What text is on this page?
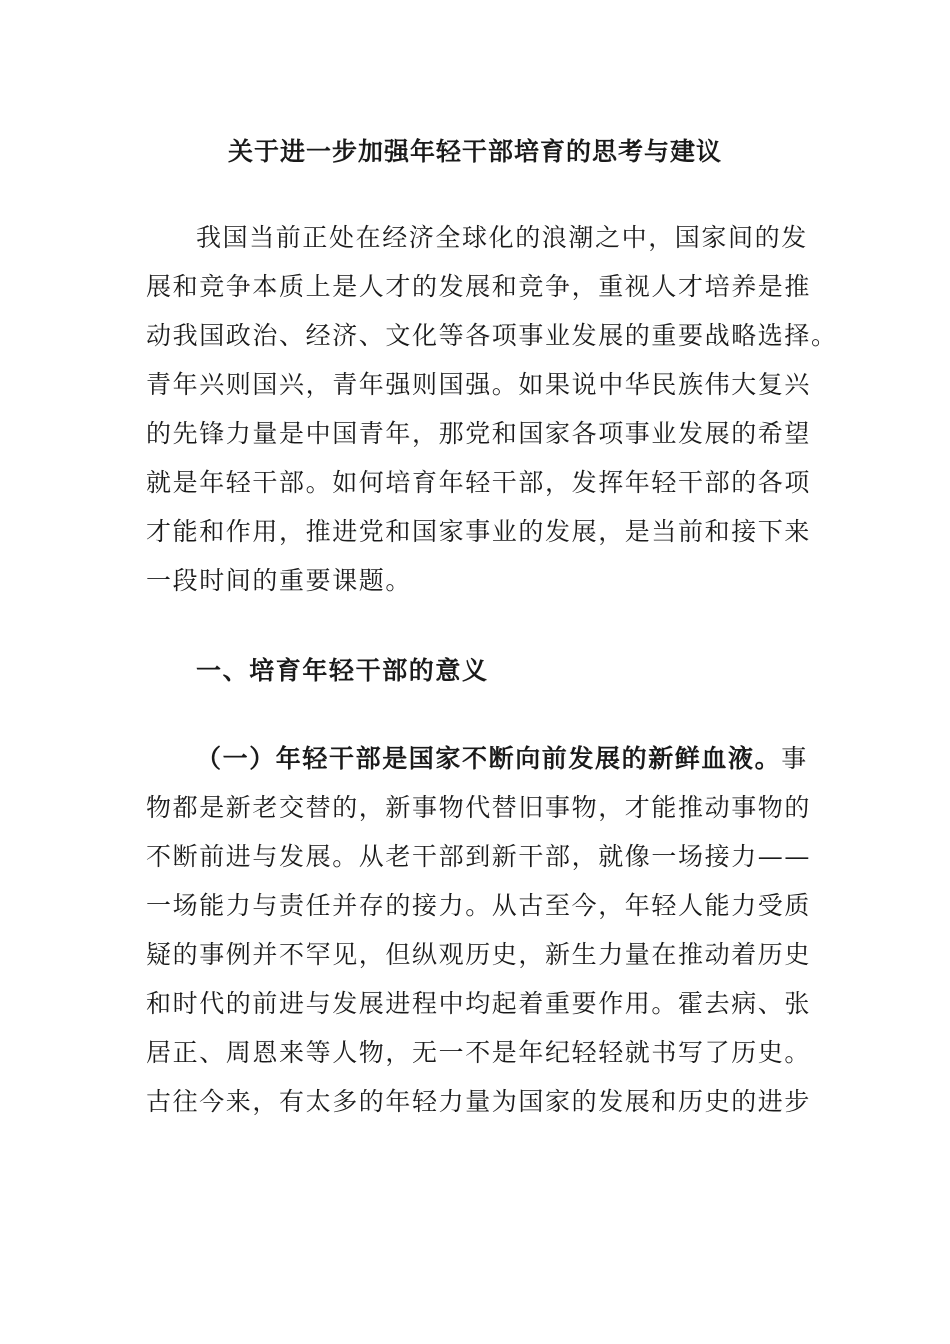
关于进一步加强年轻干部培育的思考与建议
我国当前正处在经济全球化的浪潮之中，国家间的发
展和竞争本质上是人才的发展和竞争，重视人才培养是推
动我国政治、经济、文化等各项事业发展的重要战略选择。
青年兴则国兴，青年强则国强。如果说中华民族伟大复兴
的先锋力量是中国青年，那党和国家各项事业发展的希望
就是年轻干部。如何培育年轻干部，发挥年轻干部的各项
才能和作用，推进党和国家事业的发展，是当前和接下来
一段时间的重要课题。
一、培育年轻干部的意义
（一）年轻干部是国家不断向前发展的新鲜血液。事
物都是新老交替的，新事物代替旧事物，才能推动事物的
不断前进与发展。从老干部到新干部，就像一场接力——
一场能力与责任并存的接力。从古至今，年轻人能力受质
疑的事例并不罕见，但纵观历史，新生力量在推动着历史
和时代的前进与发展进程中均起着重要作用。霍去病、张
居正、周恩来等人物，无一不是年纪轻轻就书写了历史。
古往今来，有太多的年轻力量为国家的发展和历史的进步
